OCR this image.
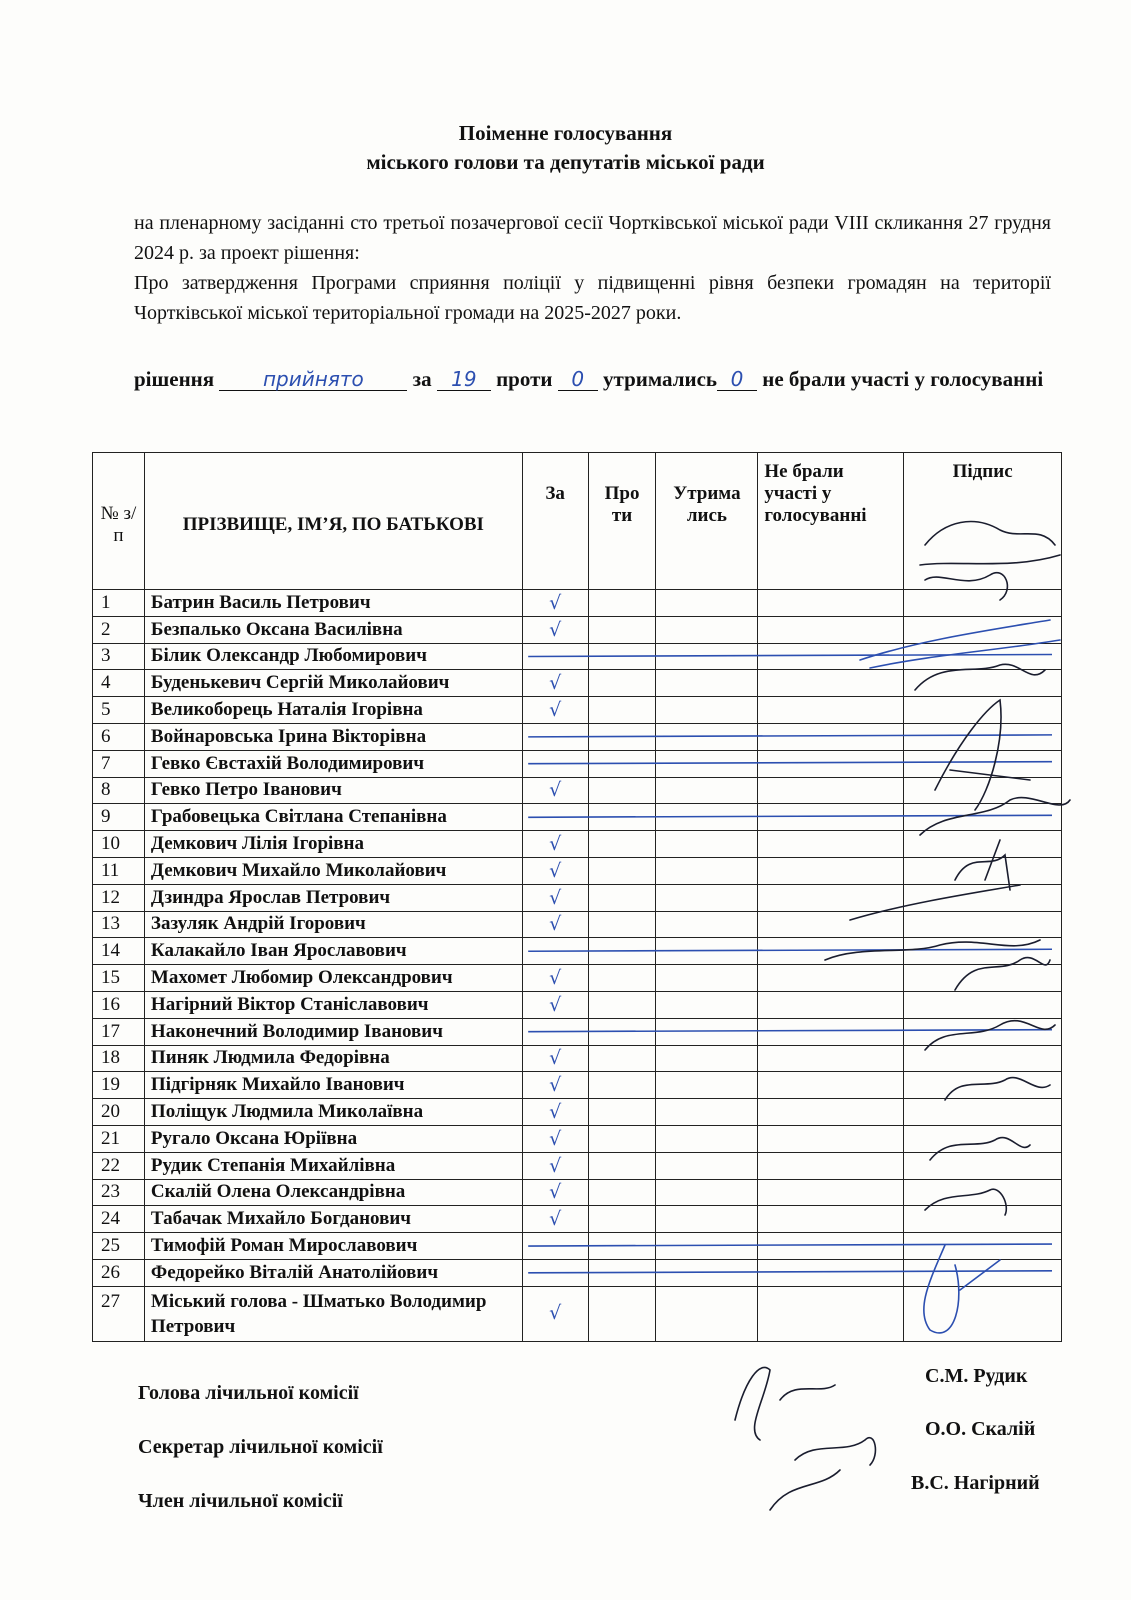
Поіменне голосування
міського голови та депутатів міської ради

на пленарному засіданні сто третьої позачергової сесії Чортківської міської ради VIII скликання 27 грудня 2024 р. за проект рішення:

Про затвердження Програми сприяння поліції у підвищенні рівня безпеки громадян на території Чортківської міської територіальної громади на 2025-2027 роки.

рішення прийнято за 19 проти 0 утримались 0 не брали участі у голосуванні
№ з/п	ПРІЗВИЩЕ, ІМ’Я, ПО БАТЬКОВІ	За	Про ти	Утрима лись	Не брали участі у голосуванні	Підпис
1	Батрин Василь Петрович	√				
2	Безпалько Оксана Василівна	√				
3	Білик Олександр Любомирович					
4	Буденькевич Сергій Миколайович	√				
5	Великоборець Наталія Ігорівна	√				
6	Войнаровська Ірина Вікторівна					
7	Гевко Євстахій Володимирович					
8	Гевко Петро Іванович	√				
9	Грабовецька Світлана Степанівна					
10	Демкович Лілія Ігорівна	√				
11	Демкович Михайло Миколайович	√				
12	Дзиндра Ярослав Петрович	√				
13	Зазуляк Андрій Ігорович	√				
14	Калакайло Іван Ярославович					
15	Махомет Любомир Олександрович	√				
16	Нагірний Віктор Станіславович	√				
17	Наконечний Володимир Іванович					
18	Пиняк Людмила Федорівна	√				
19	Підгірняк Михайло Іванович	√				
20	Поліщук Людмила Миколаївна	√				
21	Ругало Оксана Юріївна	√				
22	Рудик Степанія Михайлівна	√				
23	Скалій Олена Олександрівна	√				
24	Табачак Михайло Богданович	√				
25	Тимофій Роман Мирославович					
26	Федорейко Віталій Анатолійович					
27	Міський голова - Шматько Володимир Петрович	√				
Голова лічильної комісії
Секретар лічильної комісії
Член лічильної комісії
С.М. Рудик
О.О. Скалій
В.С. Нагірний
